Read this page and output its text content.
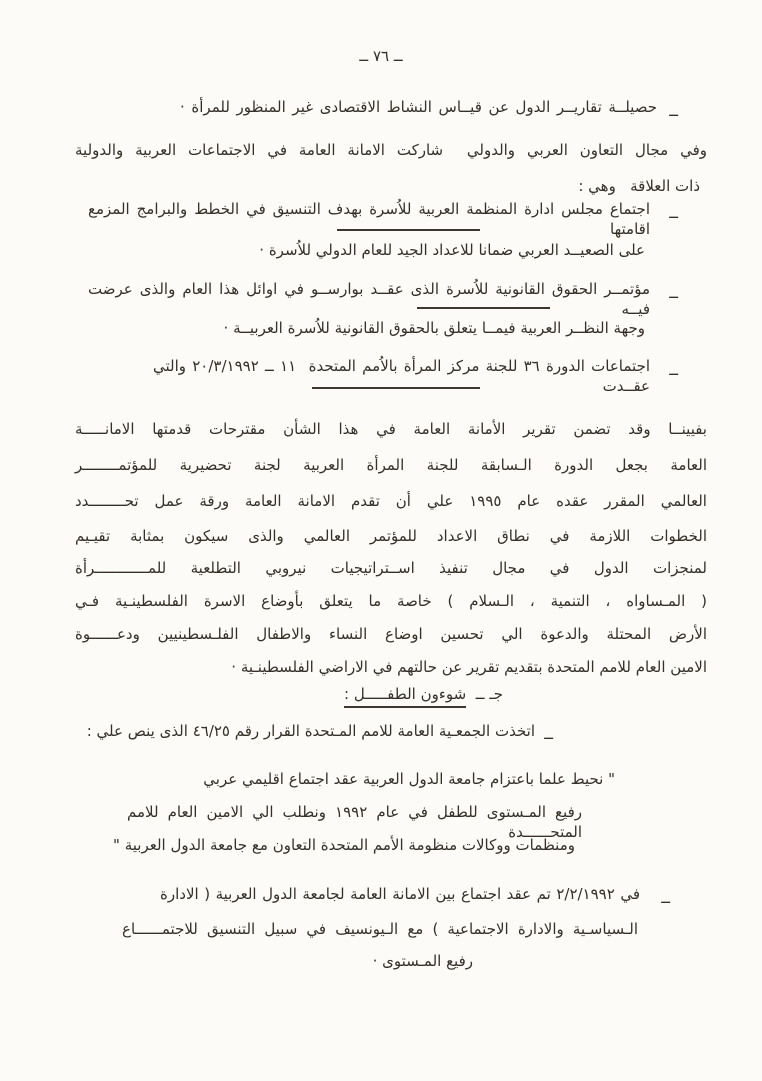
ــ ٧٦ ــ
ــ
حصيلــة تقاريــر الدول عن قيــاس النشاط الاقتصادى غير المنظور للمرأة ·
وفي مجال التعاون العربي والدولي  شاركت الامانة العامة في الاجتماعات العربية والدولية
ذات العلاقة   وهي :
ــ
اجتماع مجلس ادارة المنظمة العربية للاُسرة بهدف التنسيق في الخطط والبرامج المزمع اقامتها
على الصعيــد العربي ضمانا للاعداد الجيد للعام الدولي للاُسرة ·
ــ
مؤتمــر الحقوق القانونية للاُسرة الذى عقــد بوارســو في اوائل هذا العام والذى عرضت فيــه
وجهة النظــر العربية فيمــا يتعلق بالحقوق القانونية للاُسرة العربيــة ·
ــ
اجتماعات الدورة ٣٦ للجنة مركز المرأة بالاُمم المتحدة  ١١ ــ ٢٠/٣/١٩٩٢ والتي عقــدت
بفيينــا وقد تضمن تقرير الأمانة العامة في هذا الشأن مقترحات قدمتها الامانـــــة
العامة بجعل الدورة الـسابقة للجنة المرأة العربية لجنة تحضيرية للمؤتمــــــــر
العالمي المقرر عقده عام ١٩٩٥ علي أن تقدم الامانة العامة ورقة عمل تحــــــــدد
الخطوات اللازمة في نطاق الاعداد للمؤتمر العالمي والذى سيكون بمثابة تقيـيم
لمنجزات الدول في مجال تنفيذ اســتراتيجيات نيروبي التطلعية للمــــــــــــرأة
( المـساواه ، التنمية ، الـسلام ) خاصة ما يتعلق بأوضاع الاسرة الفلسطينـية فـي
الأرض المحتلة والدعوة الي تحسين اوضاع النساء والاطفال الفلـسطينيين ودعــــــوة
الامين العام للامم المتحدة بتقديم تقرير عن حالتهم في الاراضي الفلسطينـية ·
جـ ــ  شوءون الطفـــــل :
ــ
اتخذت الجمعـية العامة للامم المـتحدة القرار رقم ٤٦/٢٥ الذى ينص علي :
" نحيط علما باعتزام جامعة الدول العربية عقد اجتماع اقليمي عربي
رفيع المـستوى للطفل في عام ١٩٩٢ ونطلب الي الامين العام للامم المتحــــــدة
ومنظمات ووكالات منظومة الأمم المتحدة التعاون مع جامعة الدول العربية "
ــ
في ٢/٢/١٩٩٢ تم عقد اجتماع بين الامانة العامة لجامعة الدول العربية ( الادارة
الـسياسـية والادارة الاجتماعية ) مع الـيونسيف في سبيل التنسيق للاجتمــــــاع
رفيع المـستوى ·
